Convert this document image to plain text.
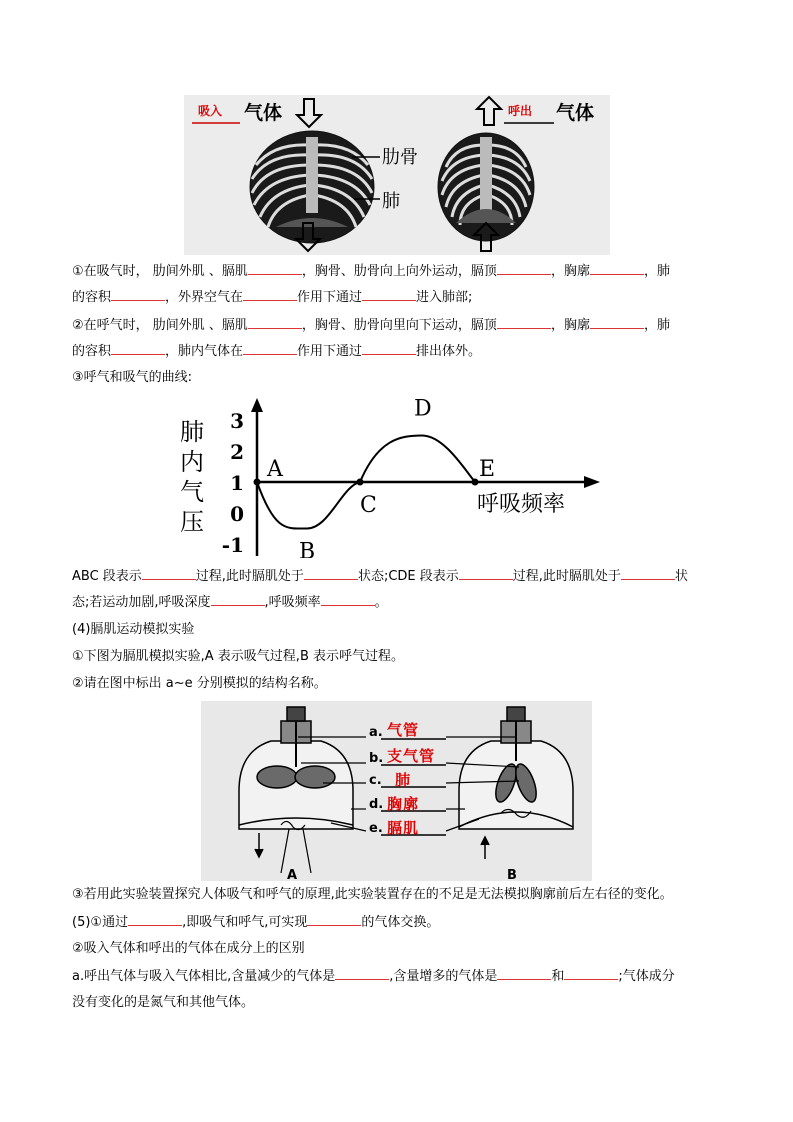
吸入 气体	呼出 气体
肋骨
肺
①在吸气时， 肋间外肌 、膈肌	，胸骨、肋骨向上向外运动，膈顶	，胸廓	，肺
的容积	，外界空气在	作用下通过	进入肺部;
②在呼气时， 肋间外肌 、膈肌	，胸骨、肋骨向里向下运动，膈顶	，胸廓	，肺
的容积	，肺内气体在	作用下通过	排出体外。
③呼气和吸气的曲线:
肺
内
气
压
3
2
1
0
-1
A
B
C
D
E
呼吸频率
ABC 段表示	过程,此时膈肌处于	状态;CDE 段表示	过程,此时膈肌处于	状
态;若运动加剧,呼吸深度	,呼吸频率	。
(4)膈肌运动模拟实验
①下图为膈肌模拟实验,A 表示吸气过程,B 表示呼气过程。
②请在图中标出 a~e 分别模拟的结构名称。
A	B
a.
b.
c.
d.
e.
气管
支气管
肺
胸廓
膈肌
③若用此实验装置探究人体吸气和呼气的原理,此实验装置存在的不足是无法模拟胸廓前后左右径的变化。
(5)①通过	,即吸气和呼气,可实现	的气体交换。
②吸入气体和呼出的气体在成分上的区别
a.呼出气体与吸入气体相比,含量减少的气体是	,含量增多的气体是	和	;气体成分
没有变化的是氮气和其他气体。
